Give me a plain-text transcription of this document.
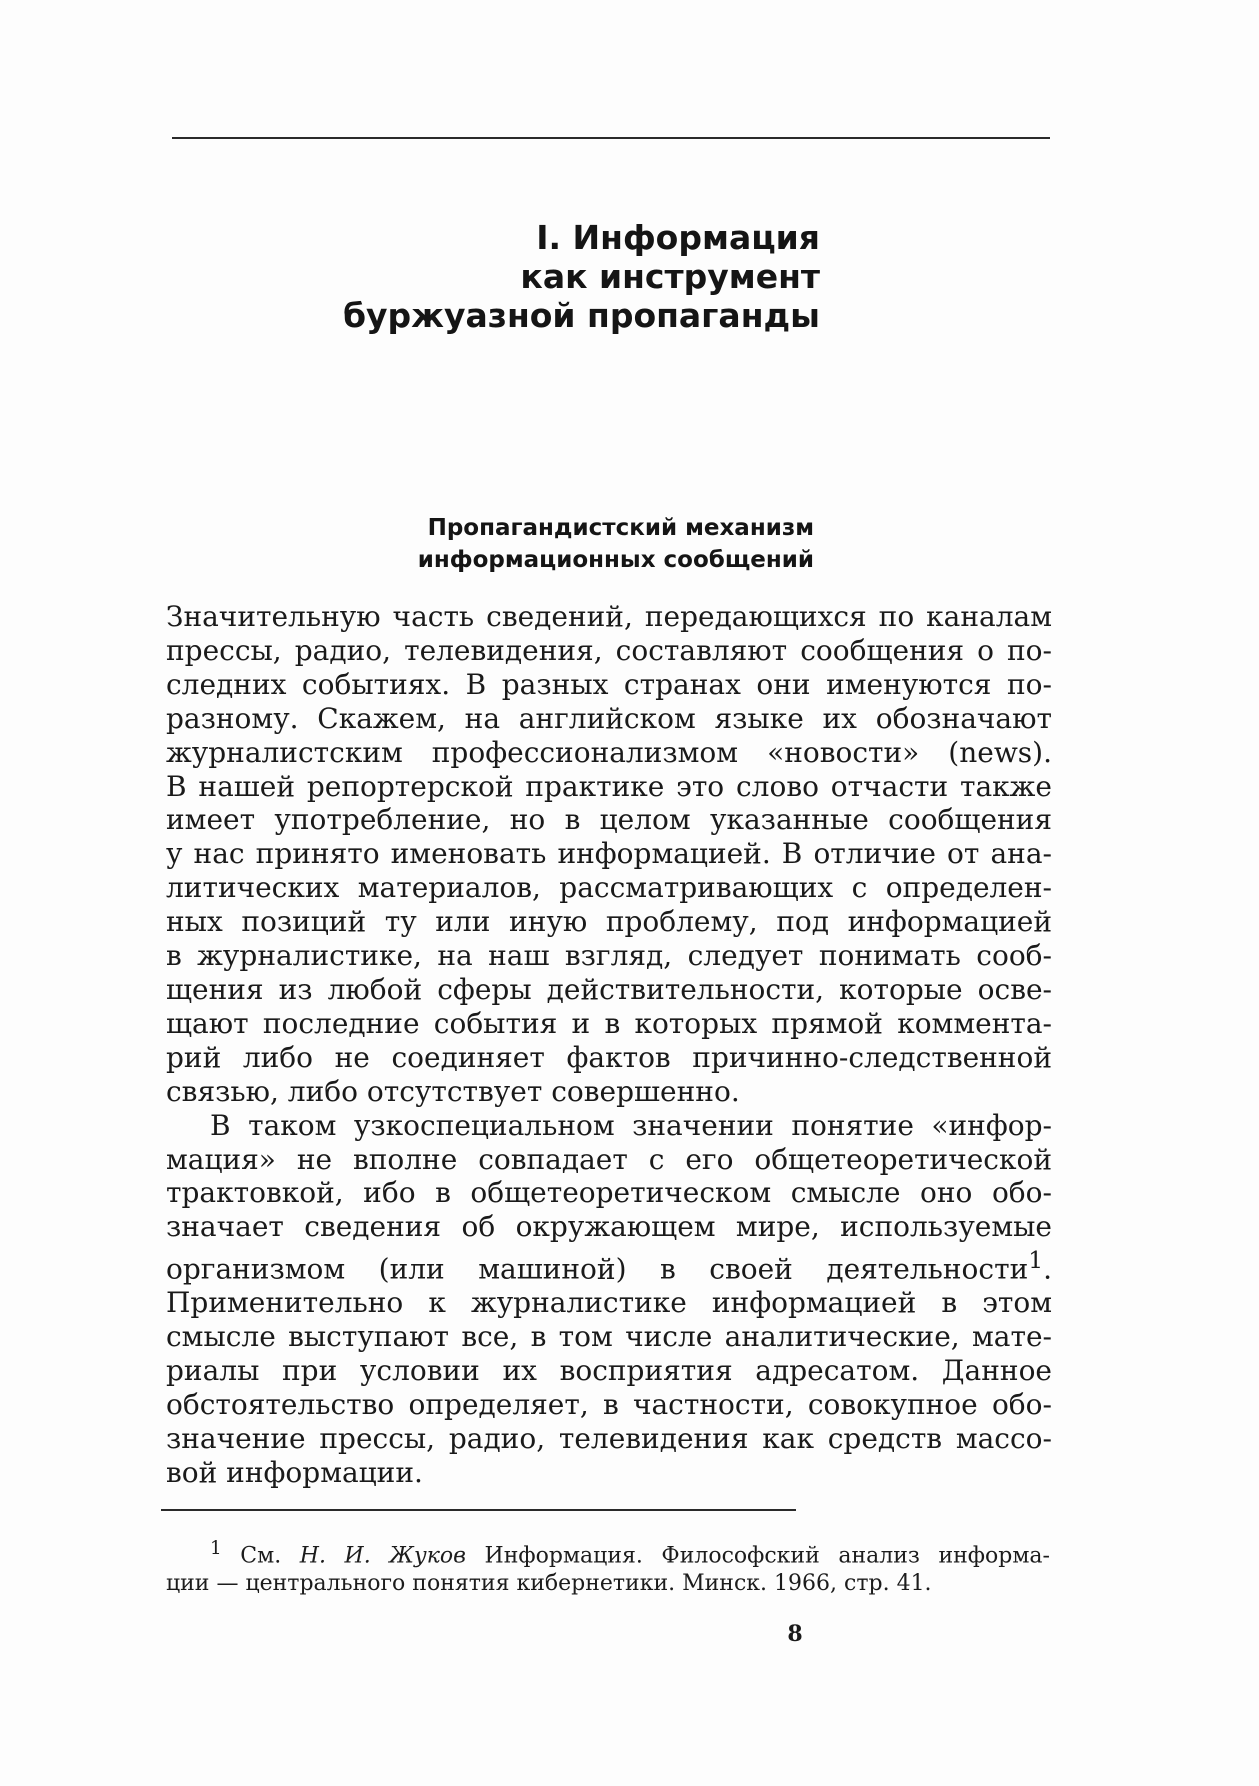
I. Информация
как инструмент
буржуазной пропаганды
Пропагандистский механизм
информационных сообщений
Значительную часть сведений, передающихся по каналам
прессы, радио, телевидения, составляют сообщения о по-
следних событиях. В разных странах они именуются по-
разному. Скажем, на английском языке их обозначают
журналистским профессионализмом «новости» (news).
В нашей репортерской практике это слово отчасти также
имеет употребление, но в целом указанные сообщения
у нас принято именовать информацией. В отличие от ана-
литических материалов, рассматривающих с определен-
ных позиций ту или иную проблему, под информацией
в журналистике, на наш взгляд, следует понимать сооб-
щения из любой сферы действительности, которые осве-
щают последние события и в которых прямой коммента-
рий либо не соединяет фактов причинно-следственной
связью, либо отсутствует совершенно.
В таком узкоспециальном значении понятие «инфор-
мация» не вполне совпадает с его общетеоретической
трактовкой, ибо в общетеоретическом смысле оно обо-
значает сведения об окружающем мире, используемые
организмом (или машиной) в своей деятельности$^1$.
Применительно к журналистике информацией в этом
смысле выступают все, в том числе аналитические, мате-
риалы при условии их восприятия адресатом. Данное
обстоятельство определяет, в частности, совокупное обо-
значение прессы, радио, телевидения как средств массо-
вой информации.
$^1$ См. Н. И. Жуков Информация. Философский анализ информа-
ции — центрального понятия кибернетики. Минск. 1966, стр. 41.
8
